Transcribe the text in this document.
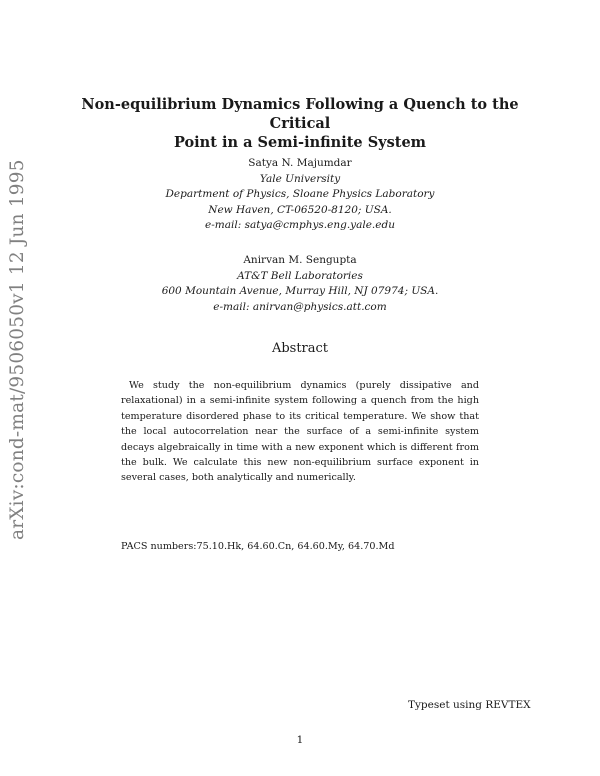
arXiv:cond-mat/9506050v1 12 Jun 1995
Non-equilibrium Dynamics Following a Quench to the Critical
Point in a Semi-infinite System
Satya N. Majumdar
Yale University
Department of Physics, Sloane Physics Laboratory
New Haven, CT-06520-8120; USA.
e-mail: satya@cmphys.eng.yale.edu
Anirvan M. Sengupta
AT&T Bell Laboratories
600 Mountain Avenue, Murray Hill, NJ 07974; USA.
e-mail: anirvan@physics.att.com
Abstract
We study the non-equilibrium dynamics (purely dissipative and relaxational) in a semi-infinite system following a quench from the high temperature disordered phase to its critical temperature. We show that the local autocorrelation near the surface of a semi-infinite system decays algebraically in time with a new exponent which is different from the bulk. We calculate this new non-equilibrium surface exponent in several cases, both analytically and numerically.
PACS numbers:75.10.Hk, 64.60.Cn, 64.60.My, 64.70.Md
Typeset using REVTEX
1
